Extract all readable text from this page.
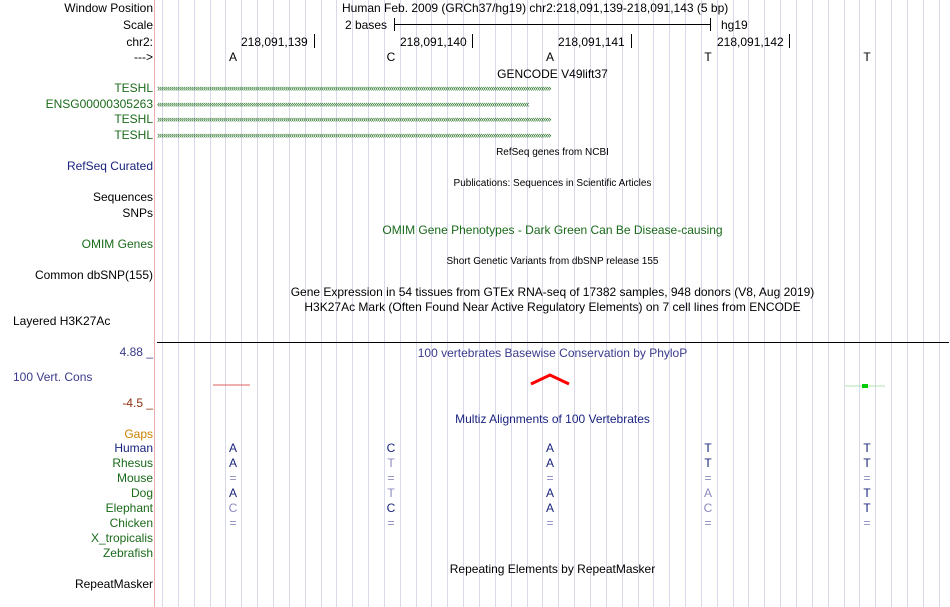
Window Position	Human Feb. 2009 (GRCh37/hg19) chr2:218,091,139-218,091,143 (5 bp)
Scale	2 bases	hg19
chr2:	218,091,139	218,091,140	218,091,141	218,091,142
--->	A	C	A	T	T
GENCODE V49lift37
TESHL ›››››››››››››››››››››››››››››››››››››››››››››››››››››››››››››››››››››››››››››››››››››››››››››››››››››››››››››››››››››››››››››››››››››››››››››››››››››››››››››››››››››››››››››››››››››››››››››››››››››
ENSG00000305263 ‹‹‹‹‹‹‹‹‹‹‹‹‹‹‹‹‹‹‹‹‹‹‹‹‹‹‹‹‹‹‹‹‹‹‹‹‹‹‹‹‹‹‹‹‹‹‹‹‹‹‹‹‹‹‹‹‹‹‹‹‹‹‹‹‹‹‹‹‹‹‹‹‹‹‹‹‹‹‹‹‹‹‹‹‹‹‹‹‹‹‹‹‹‹‹‹‹‹‹‹‹‹‹‹‹‹‹‹‹‹‹‹‹‹‹‹‹‹‹‹‹‹‹‹‹‹‹‹‹‹‹‹‹‹‹‹‹‹‹‹‹‹‹‹‹‹‹‹‹‹‹‹‹‹‹‹‹‹‹‹‹‹‹‹‹‹‹‹‹‹‹‹‹‹‹‹‹‹‹‹‹‹‹‹‹‹
TESHL ›››››››››››››››››››››››››››››››››››››››››››››››››››››››››››››››››››››››››››››››››››››››››››››››››››››››››››››››››››››››››››››››››››››››››››››››››››››››››››››››››››››››››››››››››››››››››››››››››››››
TESHL ›››››››››››››››››››››››››››››››››››››››››››››››››››››››››››››››››››››››››››››››››››››››››››››››››››››››››››››››››››››››››››››››››››››››››››››››››››››››››››››››››››››››››››››››››››››››››››››››››››››
RefSeq genes from NCBI
RefSeq Curated
Publications: Sequences in Scientific Articles
Sequences
SNPs
OMIM Gene Phenotypes - Dark Green Can Be Disease-causing
OMIM Genes
Short Genetic Variants from dbSNP release 155
Common dbSNP(155)
Gene Expression in 54 tissues from GTEx RNA-seq of 17382 samples, 948 donors (V8, Aug 2019)
H3K27Ac Mark (Often Found Near Active Regulatory Elements) on 7 cell lines from ENCODE
Layered H3K27Ac
100 vertebrates Basewise Conservation by PhyloP
4.88 _
100 Vert. Cons
-4.5 _
Multiz Alignments of 100 Vertebrates
Gaps
Human	A	C	A	T	T
Rhesus	A	T	A	T	T
Mouse	=	=	=	=	=
Dog	A	T	A	A	T
Elephant	C	C	A	C	T
Chicken	=	=	=	=	=
X_tropicalis
Zebrafish
Repeating Elements by RepeatMasker
RepeatMasker
